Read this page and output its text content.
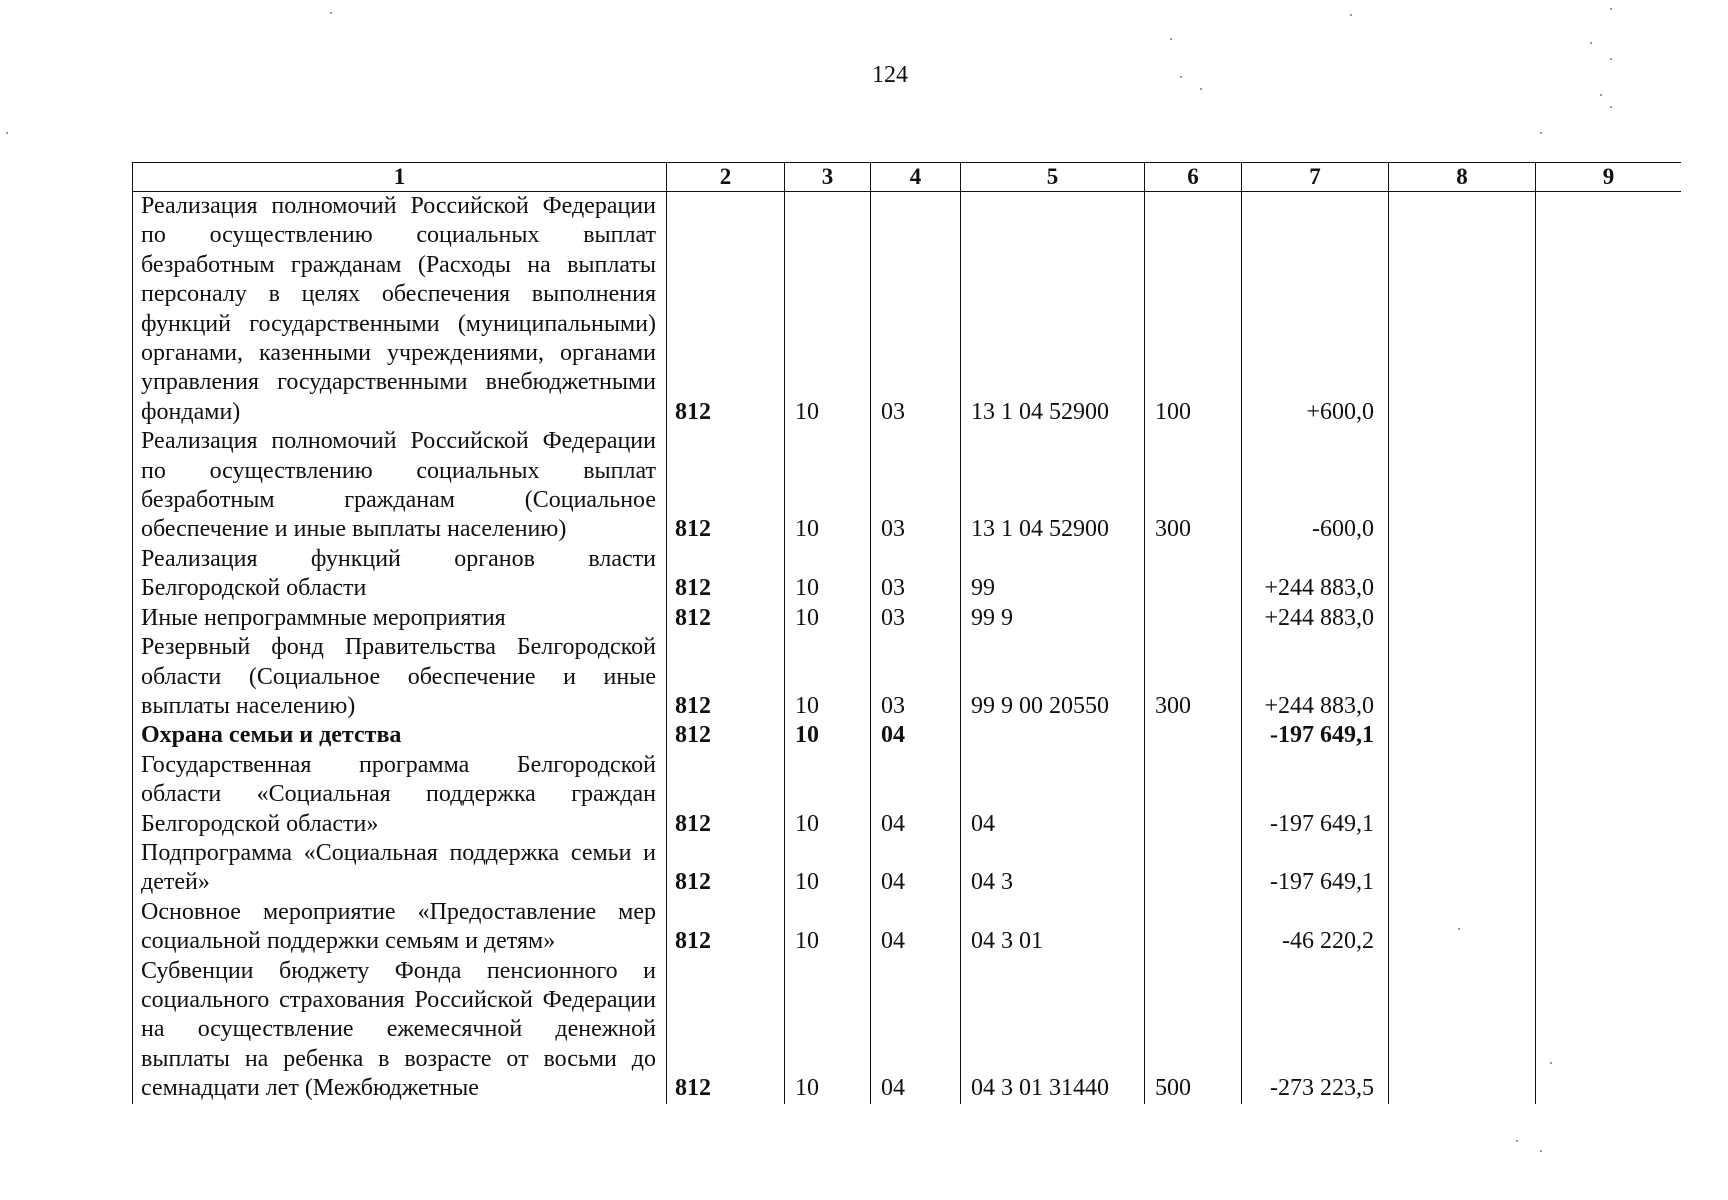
124
1	2	3	4	5	6	7	8	9
Реализация полномочий Российской Федерации по осуществлению социальных выплат безработным гражданам (Расходы на выплаты персоналу в целях обеспечения выполнения функций государственными (муниципальными) органами, казенными учреждениями, органами управления государственными внебюджетными фондами)	812	10	03	13 1 04 52900	100	+600,0		
Реализация полномочий Российской Федерации по осуществлению социальных выплат безработным гражданам (Социальное обеспечение и иные выплаты населению)	812	10	03	13 1 04 52900	300	-600,0		
Реализация функций органов власти Белгородской области	812	10	03	99		+244 883,0		
Иные непрограммные мероприятия	812	10	03	99 9		+244 883,0		
Резервный фонд Правительства Белгородской области (Социальное обеспечение и иные выплаты населению)	812	10	03	99 9 00 20550	300	+244 883,0		
Охрана семьи и детства	812	10	04			-197 649,1		
Государственная программа Белгородской области «Социальная поддержка граждан Белгородской области»	812	10	04	04		-197 649,1		
Подпрограмма «Социальная поддержка семьи и детей»	812	10	04	04 3		-197 649,1		
Основное мероприятие «Предоставление мер социальной поддержки семьям и детям»	812	10	04	04 3 01		-46 220,2		
Субвенции бюджету Фонда пенсионного и социального страхования Российской Федерации на осуществление ежемесячной денежной выплаты на ребенка в возрасте от восьми до семнадцати лет (Межбюджетные	812	10	04	04 3 01 31440	500	-273 223,5		
